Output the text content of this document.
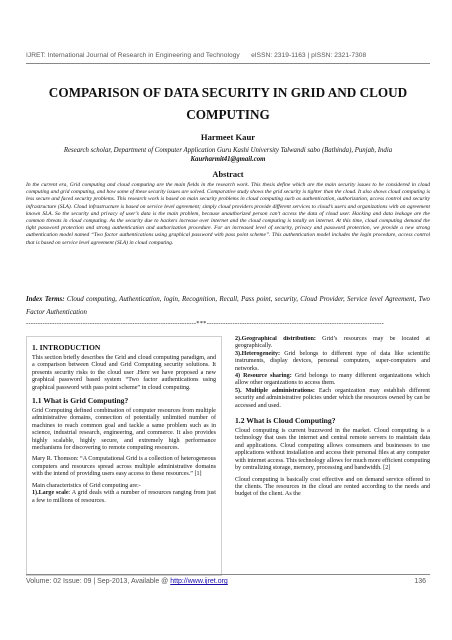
IJRET: International Journal of Research in Engineering and Technology eISSN: 2319-1163 | pISSN: 2321-7308
COMPARISON OF DATA SECURITY IN GRID AND CLOUD COMPUTING
Harmeet Kaur
Research scholar, Department of Computer Application Guru Kashi University Talwandi sabo (Bathinda), Punjab, India
Kaurharmit41@gmail.com
Abstract
In the current era, Grid computing and cloud computing are the main fields in the research work. This thesis define which are the main security issues to be considered in cloud computing and grid computing, and how some of these security issues are solved. Comparative study shows the grid security is tighter than the cloud. It also shows cloud computing is less secure and faced security problems. This research work is based on main security problems in cloud computing such as authentication, authorization, access control and security infrastructure (SLA). Cloud infrastructure is based on service level agreement; simply cloud providers provide different services to cloud’s users and organizations with an agreement known SLA. So the security and privacy of user’s data is the main problem, because unauthorized person can’t access the data of cloud user. Hacking and data leakage are the common threats in cloud computing. As the security due to hackers increase over internet and the cloud computing is totally on internet. At this time, cloud computing demand the tight password protection and strong authentication and authorization procedure. For an increased level of security, privacy and password protection, we provide a new strong authentication model named “Two factor authentications using graphical password with pass point scheme”. This authentication model includes the login procedure, access control that is based on service level agreement (SLA) in cloud computing.
Index Terms: Cloud computing, Authentication, login, Recognition, Recall, Pass point, security, Cloud Provider, Service level Agreement, Two Factor Authentication
------------------------------------------------------------------------***---------------------------------------------------------------------------
1. INTRODUCTION

This section briefly describes the Grid and cloud computing paradigm, and a comparison between Cloud and Grid Computing security solutions. It presents security risks to the cloud user .Here we have proposed a new graphical password based system “Two factor authentications using graphical password with pass point scheme” in cloud computing.

1.1 What is Grid Computing?

Grid Computing defined combination of computer resources from multiple administrative domains, connection of potentially unlimited number of machines to reach common goal and tackle a same problem such as in science, industrial research, engineering, and commerce. It also provides highly scalable, highly secure, and extremely high performance mechanisms for discovering to remote computing resources.

Mary R. Thomson: “A Computational Grid is a collection of heterogeneous computers and resources spread across multiple administrative domains with the intend of providing users easy access to these resources.” [1]

Main characteristics of Grid computing are:-

1).Large scale: A grid deals with a number of resources ranging from just a few to millions of resources.

2).Geographical distribution: Grid’s resources may be located at geographically.

3).Heterogeneity: Grid belongs to different type of data like scientific instruments, display devices, personal computers, super-computers and networks.

4) Resource sharing: Grid belongs to many different organizations which allow other organizations to access them.

5). Multiple administrations: Each organization may establish different security and administrative policies under which the resources owned by can be accessed and used.

1.2 What is Cloud Computing?

Cloud computing is current buzzword in the market. Cloud computing is a technology that uses the internet and central remote servers to maintain data and applications. Cloud computing allows consumers and businesses to use applications without installation and access their personal files at any computer with internet access. This technology allows for much more efficient computing by centralizing storage, memory, processing and bandwidth. [2]

Cloud computing is basically cost effective and on demand service offered to the clients. The resources in the cloud are rented according to the needs and budget of the client. As the

Volume: 02 Issue: 09 | Sep-2013, Available @ http://www.ijret.org	136
